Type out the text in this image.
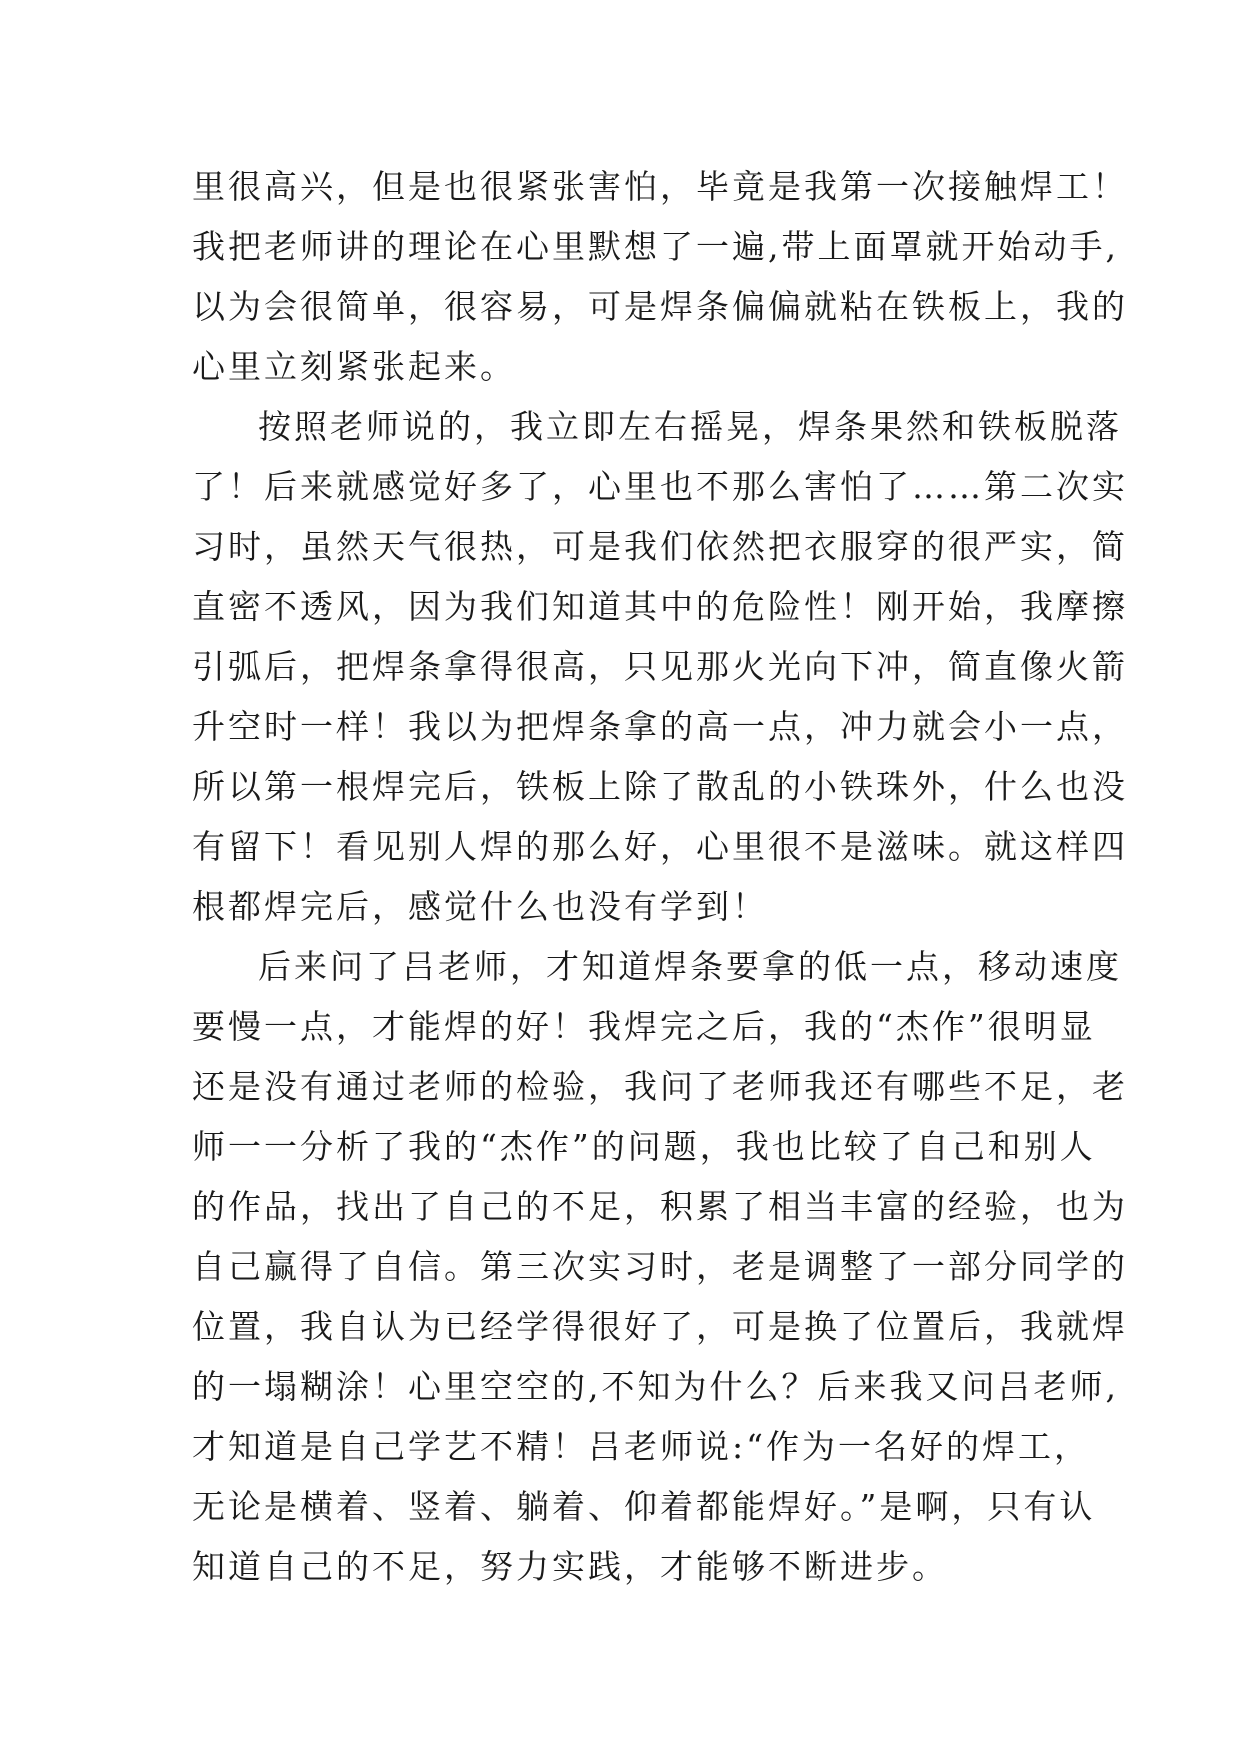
里很高兴，但是也很紧张害怕，毕竟是我第一次接触焊工！
我把老师讲的理论在心里默想了一遍,带上面罩就开始动手,
以为会很简单，很容易，可是焊条偏偏就粘在铁板上，我的
心里立刻紧张起来。
按照老师说的，我立即左右摇晃，焊条果然和铁板脱落
了！后来就感觉好多了，心里也不那么害怕了……第二次实
习时，虽然天气很热，可是我们依然把衣服穿的很严实，简
直密不透风，因为我们知道其中的危险性！刚开始，我摩擦
引弧后，把焊条拿得很高，只见那火光向下冲，简直像火箭
升空时一样！我以为把焊条拿的高一点，冲力就会小一点，
所以第一根焊完后，铁板上除了散乱的小铁珠外，什么也没
有留下！看见别人焊的那么好，心里很不是滋味。就这样四
根都焊完后，感觉什么也没有学到！
后来问了吕老师，才知道焊条要拿的低一点，移动速度
要慢一点，才能焊的好！我焊完之后，我的“杰作”很明显
还是没有通过老师的检验，我问了老师我还有哪些不足，老
师一一分析了我的“杰作”的问题，我也比较了自己和别人
的作品，找出了自己的不足，积累了相当丰富的经验，也为
自己赢得了自信。第三次实习时，老是调整了一部分同学的
位置，我自认为已经学得很好了，可是换了位置后，我就焊
的一塌糊涂！心里空空的,不知为什么？后来我又问吕老师,
才知道是自己学艺不精！吕老师说:“作为一名好的焊工，
无论是横着、竖着、躺着、仰着都能焊好。”是啊，只有认
知道自己的不足，努力实践，才能够不断进步。
